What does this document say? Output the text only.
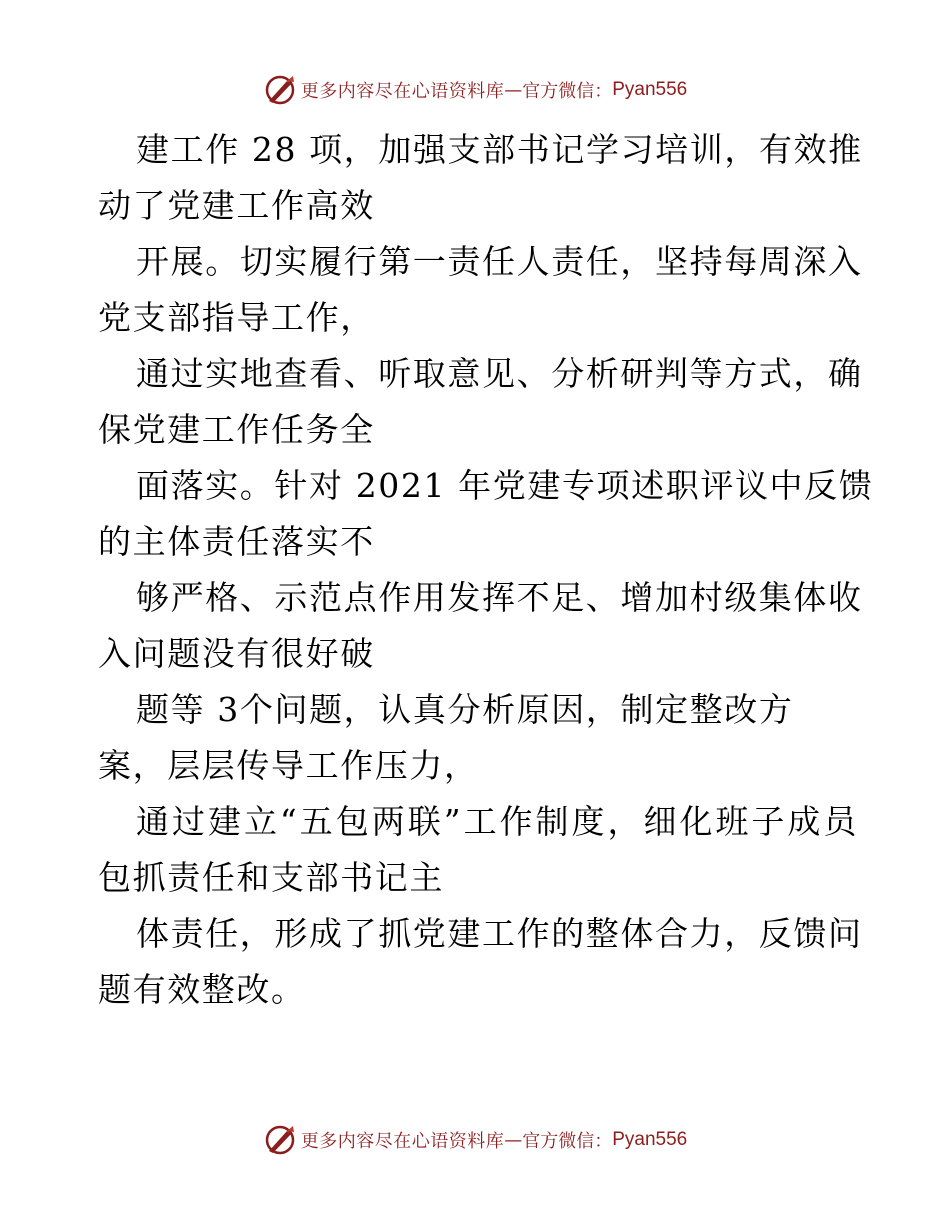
更多内容尽在心语资料库 — 官方微信： Pyan556
建工作 28 项，加强支部书记学习培训，有效推
动了党建工作高效
开展。切实履行第一责任人责任，坚持每周深入
党支部指导工作，
通过实地查看、听取意见、分析研判等方式，确
保党建工作任务全
面落实。针对 2021 年党建专项述职评议中反馈
的主体责任落实不
够严格、示范点作用发挥不足、增加村级集体收
入问题没有很好破
题等 3个问题，认真分析原因，制定整改方
案，层层传导工作压力，
通过建立“五包两联”工作制度，细化班子成员
包抓责任和支部书记主
体责任，形成了抓党建工作的整体合力，反馈问
题有效整改。
更多内容尽在心语资料库 — 官方微信： Pyan556
